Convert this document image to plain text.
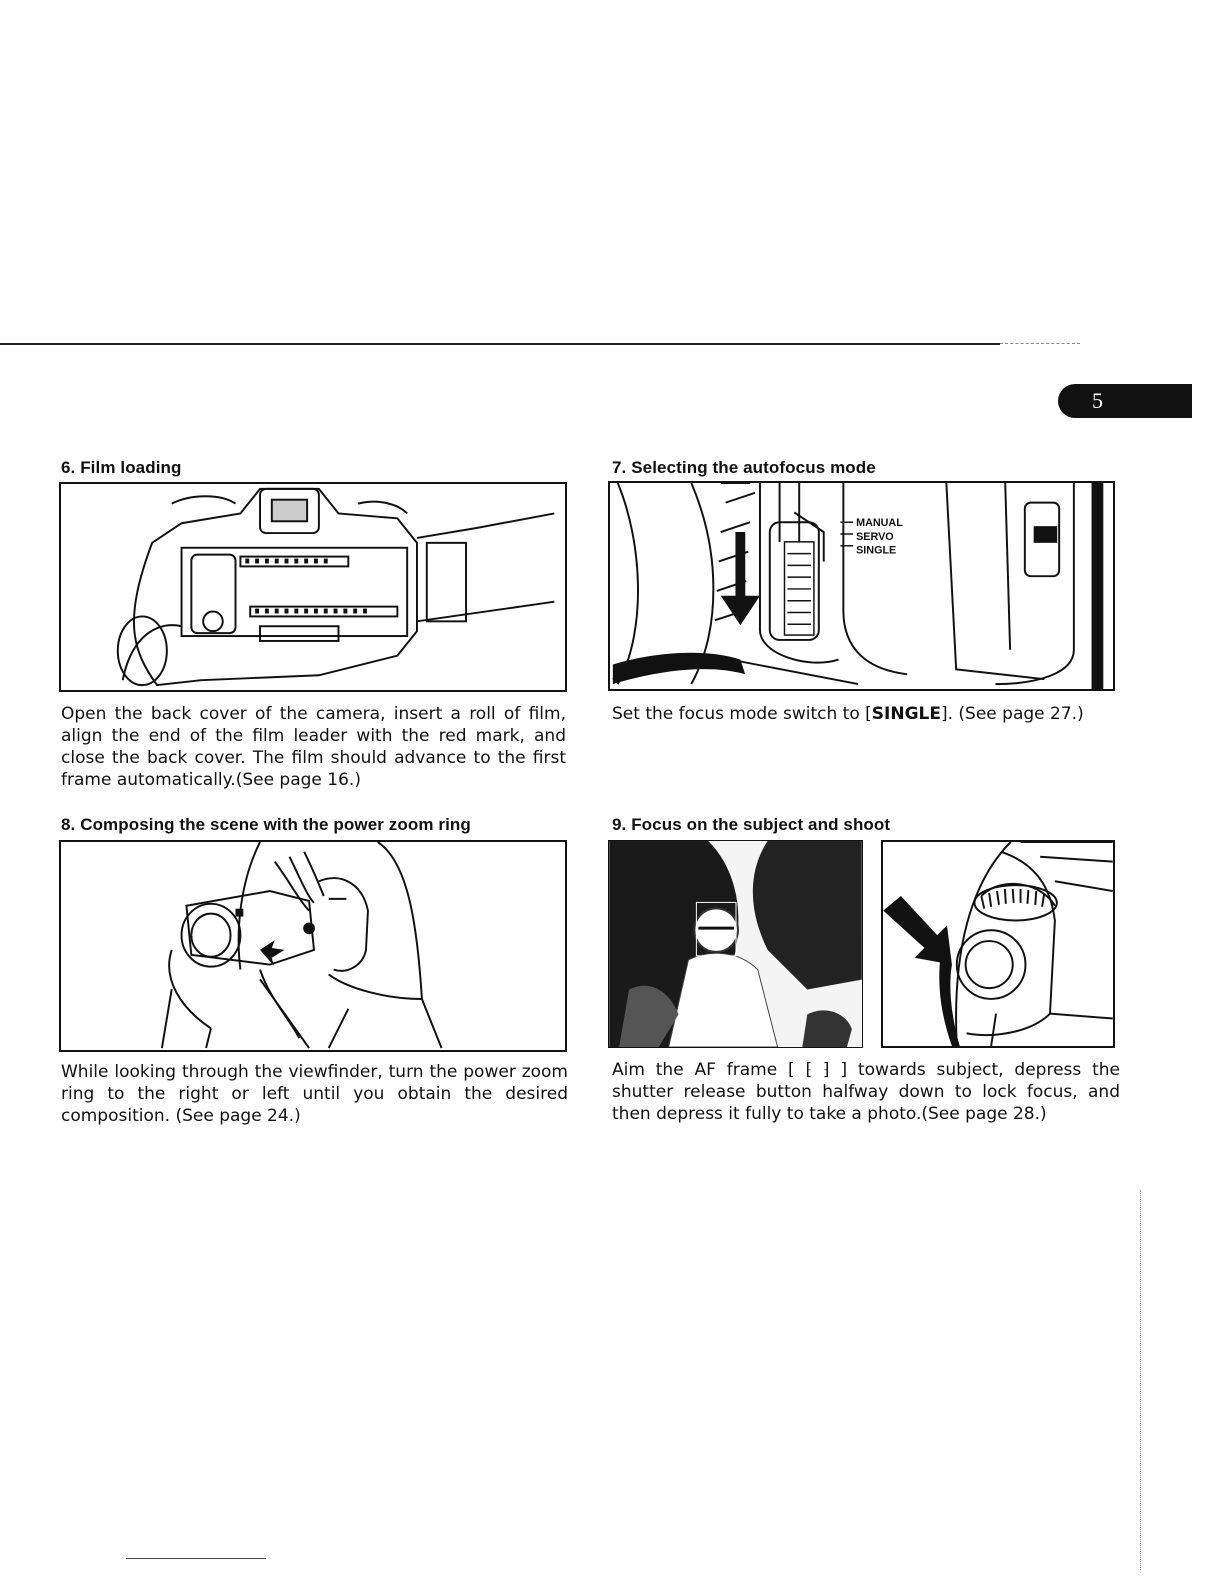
5
6. Film loading

Open the back cover of the camera, insert a roll of film, align the end of the film leader with the red mark, and close the back cover. The film should advance to the first frame automatically.(See page 16.)

7. Selecting the autofocus mode
MANUAL
SERVO
SINGLE

Set the focus mode switch to [SINGLE]. (See page 27.)

8. Composing the scene with the power zoom ring

While looking through the viewfinder, turn the power zoom ring to the right or left until you obtain the desired composition. (See page 24.)

9. Focus on the subject and shoot

Aim the AF frame [ ⁅ ⁆ ] towards subject, depress the shutter release button halfway down to lock focus, and then depress it fully to take a photo.(See page 28.)
